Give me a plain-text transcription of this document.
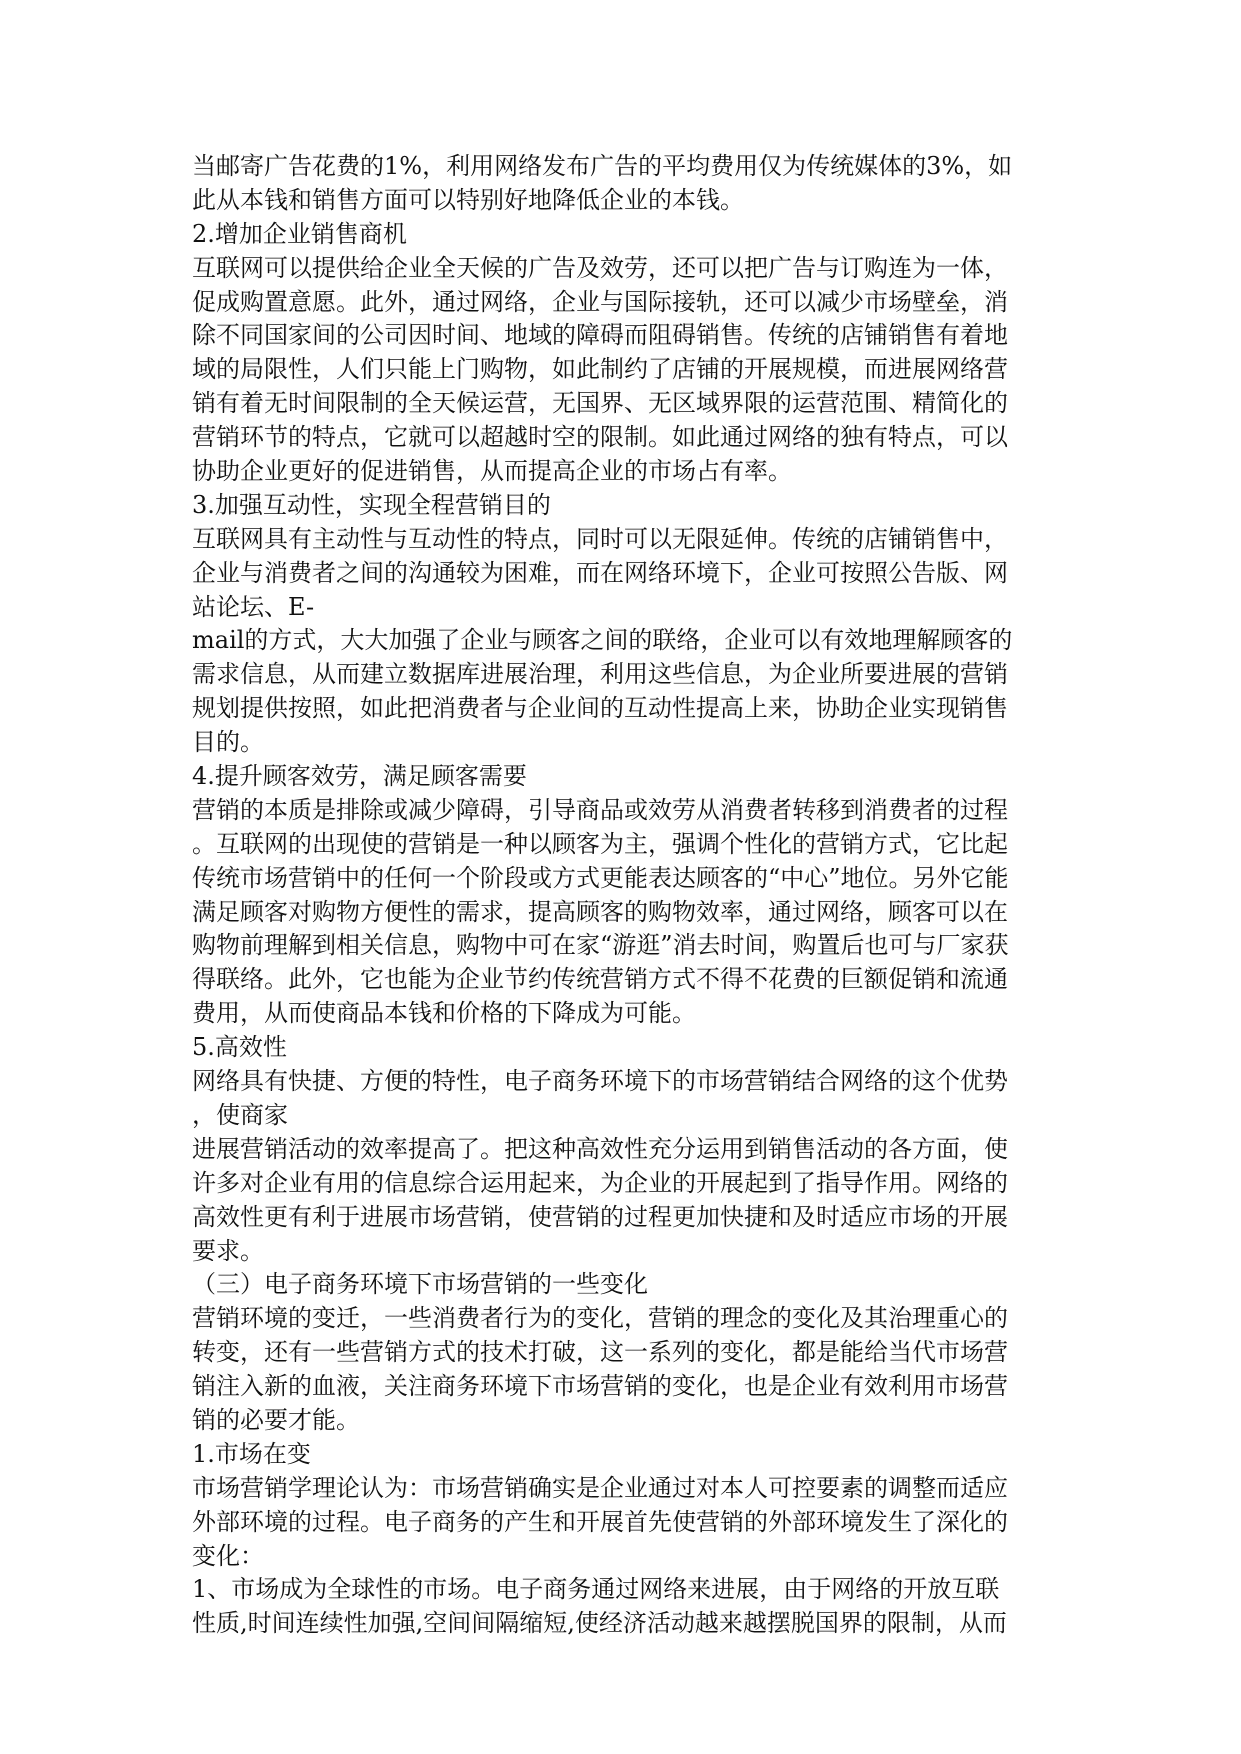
当邮寄广告花费的1%，利用网络发布广告的平均费用仅为传统媒体的3%，如
此从本钱和销售方面可以特别好地降低企业的本钱。
2.增加企业销售商机
互联网可以提供给企业全天候的广告及效劳，还可以把广告与订购连为一体，
促成购置意愿。此外，通过网络，企业与国际接轨，还可以减少市场壁垒，消
除不同国家间的公司因时间、地域的障碍而阻碍销售。传统的店铺销售有着地
域的局限性，人们只能上门购物，如此制约了店铺的开展规模，而进展网络营
销有着无时间限制的全天候运营，无国界、无区域界限的运营范围、精简化的
营销环节的特点，它就可以超越时空的限制。如此通过网络的独有特点，可以
协助企业更好的促进销售，从而提高企业的市场占有率。
3.加强互动性，实现全程营销目的
互联网具有主动性与互动性的特点，同时可以无限延伸。传统的店铺销售中，
企业与消费者之间的沟通较为困难，而在网络环境下，企业可按照公告版、网
站论坛、E-
mail的方式，大大加强了企业与顾客之间的联络，企业可以有效地理解顾客的
需求信息，从而建立数据库进展治理，利用这些信息，为企业所要进展的营销
规划提供按照，如此把消费者与企业间的互动性提高上来，协助企业实现销售
目的。
4.提升顾客效劳，满足顾客需要
营销的本质是排除或减少障碍，引导商品或效劳从消费者转移到消费者的过程
。互联网的出现使的营销是一种以顾客为主，强调个性化的营销方式，它比起
传统市场营销中的任何一个阶段或方式更能表达顾客的“中心”地位。另外它能
满足顾客对购物方便性的需求，提高顾客的购物效率，通过网络，顾客可以在
购物前理解到相关信息，购物中可在家“游逛”消去时间，购置后也可与厂家获
得联络。此外，它也能为企业节约传统营销方式不得不花费的巨额促销和流通
费用，从而使商品本钱和价格的下降成为可能。
5.高效性
网络具有快捷、方便的特性，电子商务环境下的市场营销结合网络的这个优势
，使商家
进展营销活动的效率提高了。把这种高效性充分运用到销售活动的各方面，使
许多对企业有用的信息综合运用起来，为企业的开展起到了指导作用。网络的
高效性更有利于进展市场营销，使营销的过程更加快捷和及时适应市场的开展
要求。
（三）电子商务环境下市场营销的一些变化
营销环境的变迁，一些消费者行为的变化，营销的理念的变化及其治理重心的
转变，还有一些营销方式的技术打破，这一系列的变化，都是能给当代市场营
销注入新的血液，关注商务环境下市场营销的变化，也是企业有效利用市场营
销的必要才能。
1.市场在变
市场营销学理论认为：市场营销确实是企业通过对本人可控要素的调整而适应
外部环境的过程。电子商务的产生和开展首先使营销的外部环境发生了深化的
变化：
1、市场成为全球性的市场。电子商务通过网络来进展，由于网络的开放互联
性质,时间连续性加强,空间间隔缩短,使经济活动越来越摆脱国界的限制，从而
